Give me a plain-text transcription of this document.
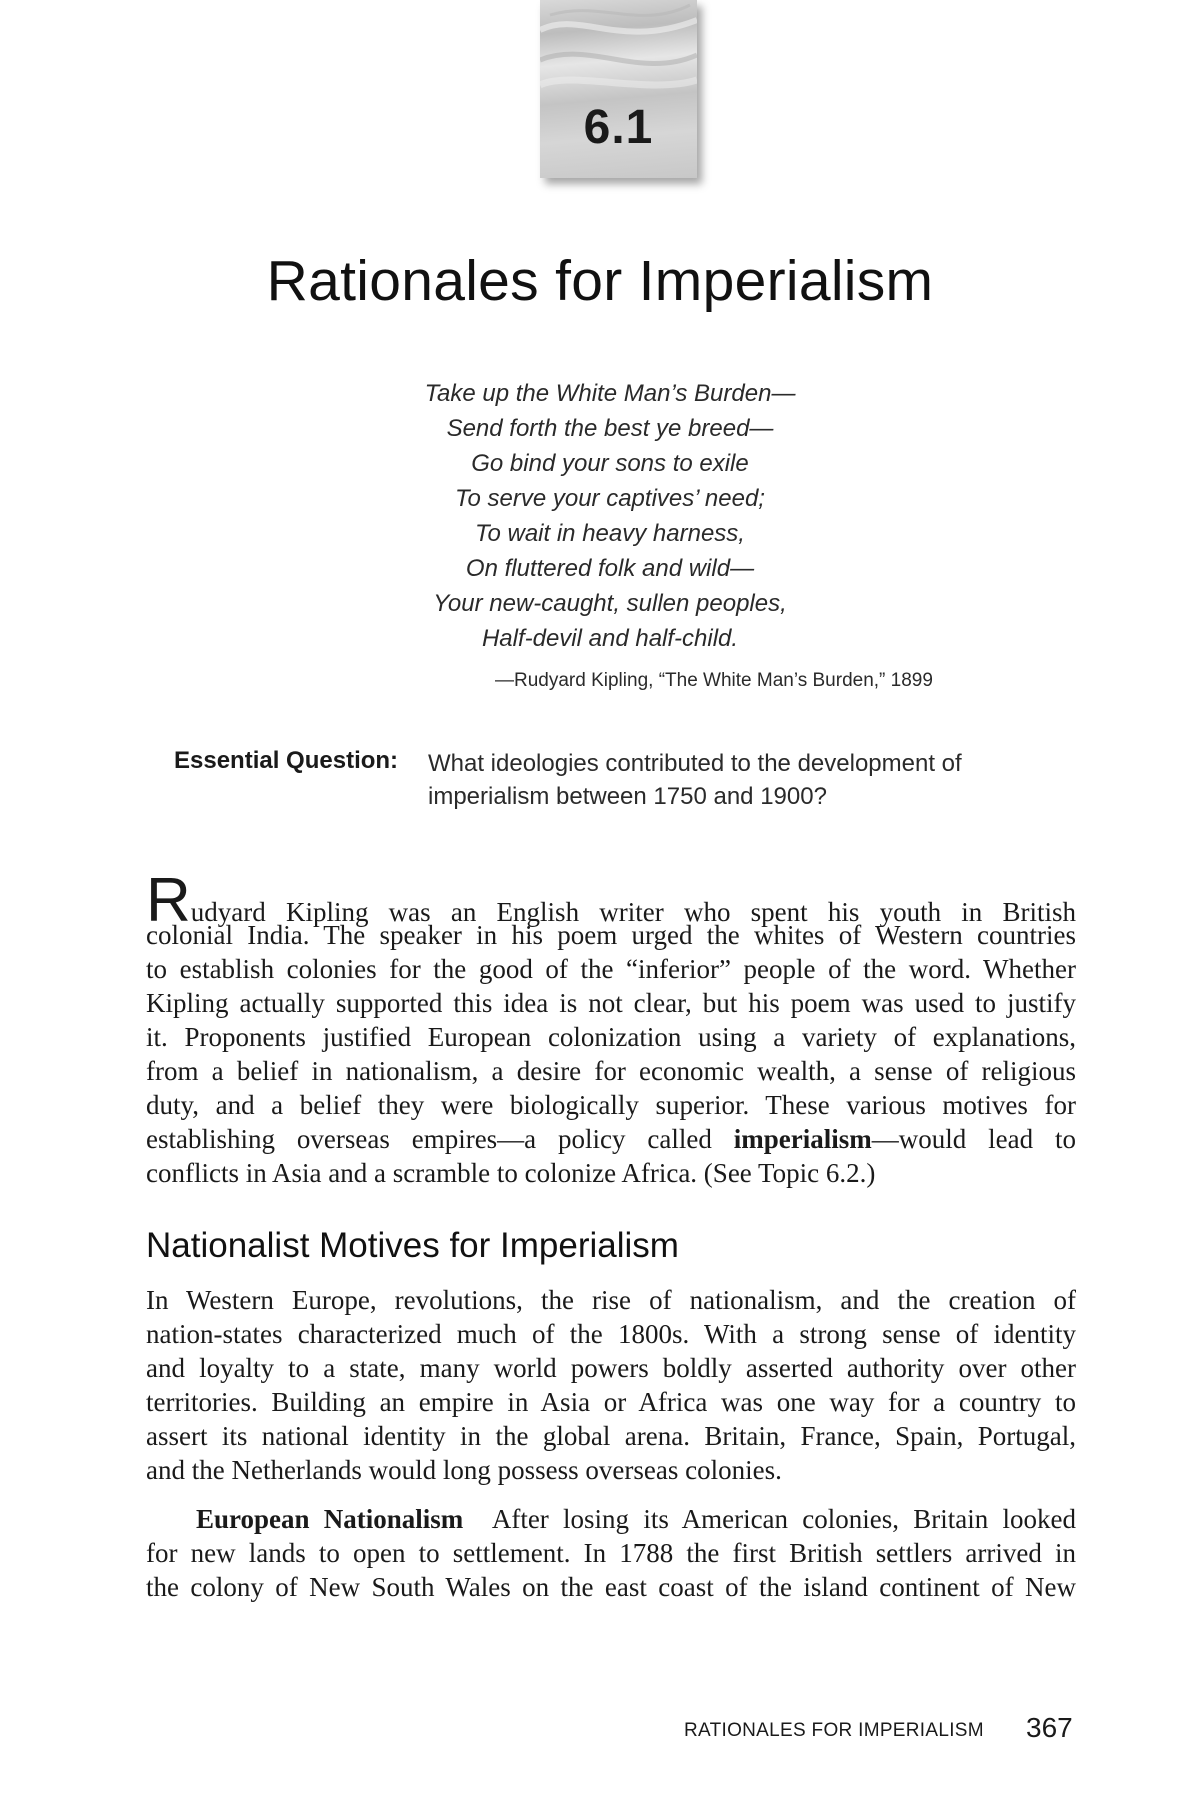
6.1
Rationales for Imperialism
Take up the White Man’s Burden—
Send forth the best ye breed—
Go bind your sons to exile
To serve your captives’ need;
To wait in heavy harness,
On fluttered folk and wild—
Your new-caught, sullen peoples,
Half-devil and half-child.
—Rudyard Kipling, “The White Man’s Burden,” 1899
Essential Question: What ideologies contributed to the development of
imperialism between 1750 and 1900?
Rudyard Kipling was an English writer who spent his youth in British
colonial India. The speaker in his poem urged the whites of Western countries
to establish colonies for the good of the “inferior” people of the word. Whether
Kipling actually supported this idea is not clear, but his poem was used to justify
it. Proponents justified European colonization using a variety of explanations,
from a belief in nationalism, a desire for economic wealth, a sense of religious
duty, and a belief they were biologically superior. These various motives for
establishing overseas empires—a policy called imperialism—would lead to
conflicts in Asia and a scramble to colonize Africa. (See Topic 6.2.)
Nationalist Motives for Imperialism
In Western Europe, revolutions, the rise of nationalism, and the creation of
nation-states characterized much of the 1800s. With a strong sense of identity
and loyalty to a state, many world powers boldly asserted authority over other
territories. Building an empire in Asia or Africa was one way for a country to
assert its national identity in the global arena. Britain, France, Spain, Portugal,
and the Netherlands would long possess overseas colonies.
European Nationalism After losing its American colonies, Britain looked
for new lands to open to settlement. In 1788 the first British settlers arrived in
the colony of New South Wales on the east coast of the island continent of New
RATIONALES FOR IMPERIALISM 367
